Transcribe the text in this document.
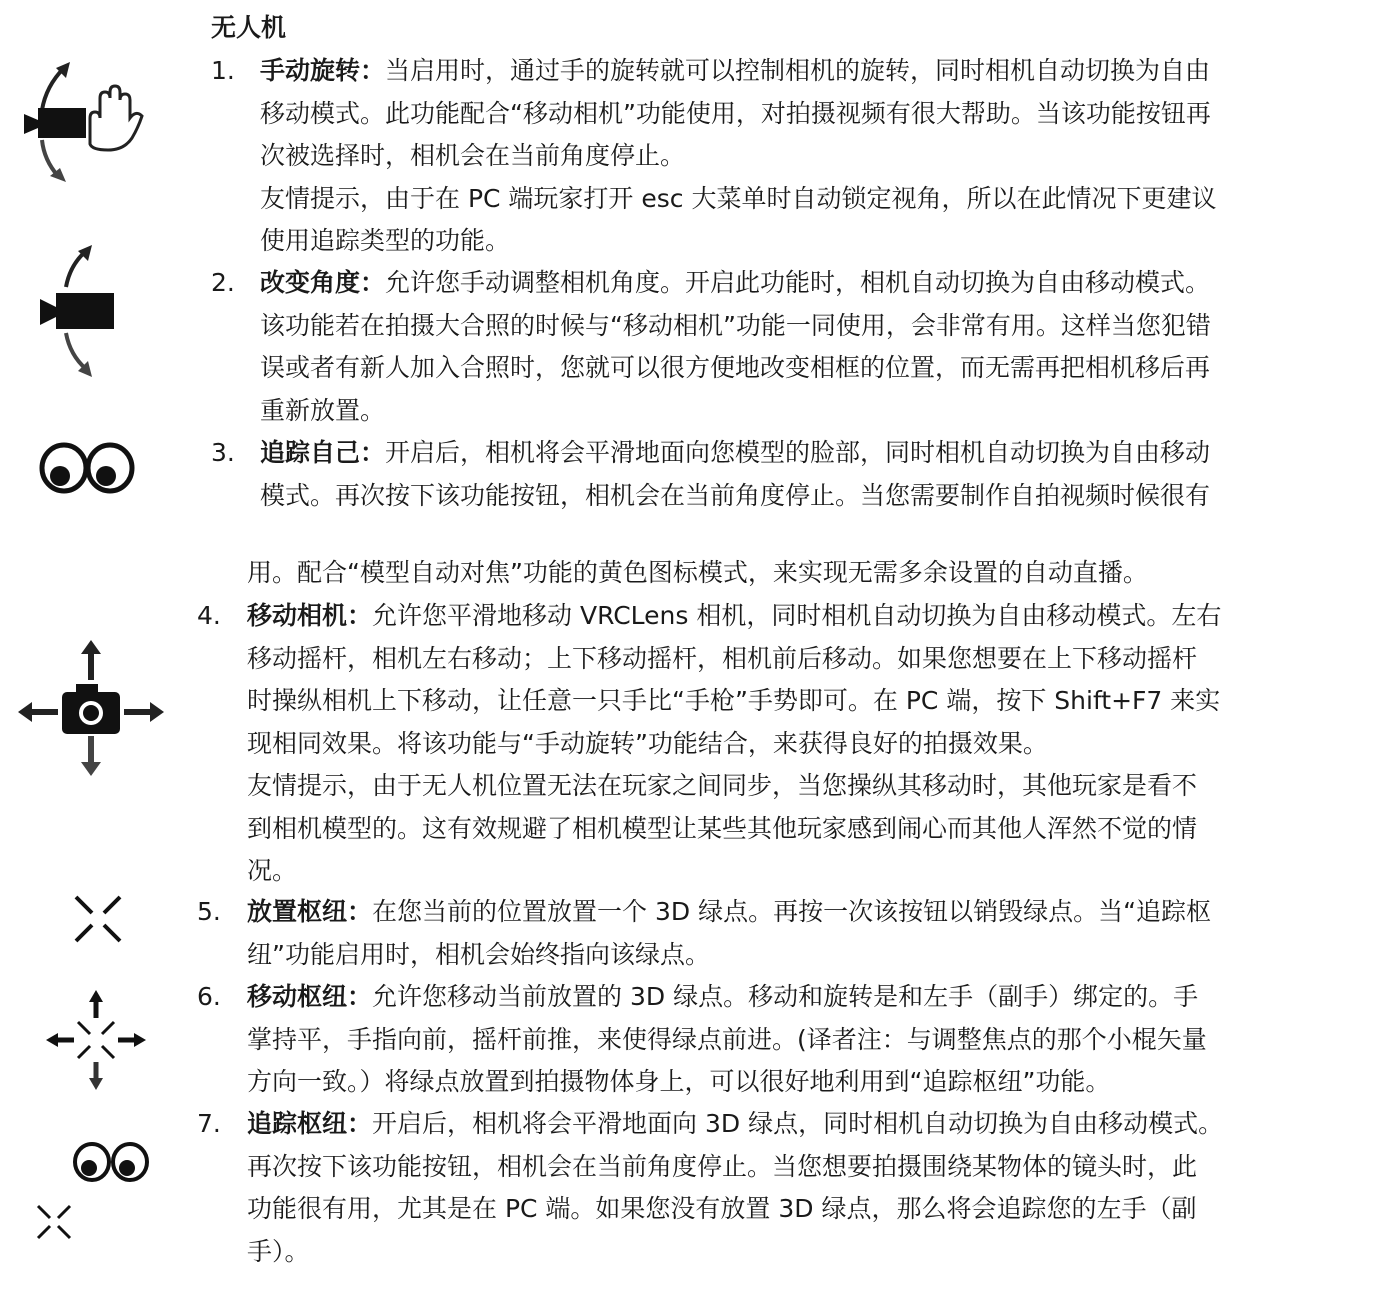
无人机
1. 手动旋转：当启用时，通过手的旋转就可以控制相机的旋转，同时相机自动切换为自由
移动模式。此功能配合“移动相机”功能使用，对拍摄视频有很大帮助。当该功能按钮再
次被选择时，相机会在当前角度停止。
友情提示，由于在 PC 端玩家打开 esc 大菜单时自动锁定视角，所以在此情况下更建议
使用追踪类型的功能。
2. 改变角度：允许您手动调整相机角度。开启此功能时，相机自动切换为自由移动模式。
该功能若在拍摄大合照的时候与“移动相机”功能一同使用，会非常有用。这样当您犯错
误或者有新人加入合照时，您就可以很方便地改变相框的位置，而无需再把相机移后再
重新放置。
3. 追踪自己：开启后，相机将会平滑地面向您模型的脸部，同时相机自动切换为自由移动
模式。再次按下该功能按钮，相机会在当前角度停止。当您需要制作自拍视频时候很有
用。配合“模型自动对焦”功能的黄色图标模式，来实现无需多余设置的自动直播。
4. 移动相机：允许您平滑地移动 VRCLens 相机，同时相机自动切换为自由移动模式。左右
移动摇杆，相机左右移动；上下移动摇杆，相机前后移动。如果您想要在上下移动摇杆
时操纵相机上下移动，让任意一只手比“手枪”手势即可。在 PC 端，按下 Shift+F7 来实
现相同效果。将该功能与“手动旋转”功能结合，来获得良好的拍摄效果。
友情提示，由于无人机位置无法在玩家之间同步，当您操纵其移动时，其他玩家是看不
到相机模型的。这有效规避了相机模型让某些其他玩家感到闹心而其他人浑然不觉的情
况。
5. 放置枢纽：在您当前的位置放置一个 3D 绿点。再按一次该按钮以销毁绿点。当“追踪枢
纽”功能启用时，相机会始终指向该绿点。
6. 移动枢纽：允许您移动当前放置的 3D 绿点。移动和旋转是和左手（副手）绑定的。手
掌持平，手指向前，摇杆前推，来使得绿点前进。(译者注：与调整焦点的那个小棍矢量
方向一致。）将绿点放置到拍摄物体身上，可以很好地利用到“追踪枢纽”功能。
7. 追踪枢纽：开启后，相机将会平滑地面向 3D 绿点，同时相机自动切换为自由移动模式。
再次按下该功能按钮，相机会在当前角度停止。当您想要拍摄围绕某物体的镜头时，此
功能很有用，尤其是在 PC 端。如果您没有放置 3D 绿点，那么将会追踪您的左手（副
手）。
